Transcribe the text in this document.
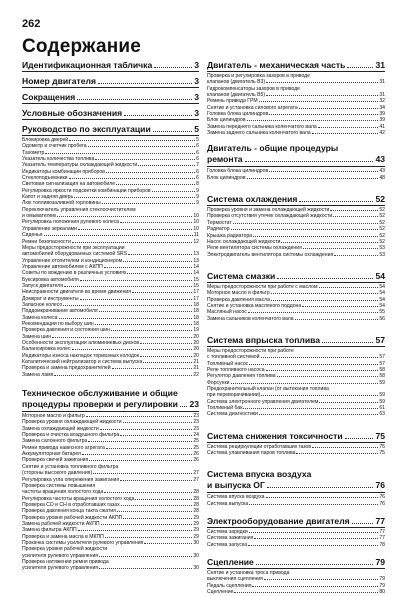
262
Содержание
Идентификационная табличка	3
Номер двигателя	3
Сокращения	3
Условные обозначения	3
Руководство по эксплуатации	5
Блокировка дверей	5
Одометр и счетчик пробега	6
Тахометр	6
Указатель количества топлива	6
Указатель температуры охлаждающей жидкости	7
Индикаторы комбинации приборов	6
Стеклоподъемники	6
Световая сигнализация на автомобиле	8
Регулировка яркости подсветки комбинации приборов	9
Капот и задняя дверь	9
Люк топливозаливной горловины	9
Переключатель управления стеклоочистителем
и омывателем	10
Регулировка положения рулевого колеса	10
Управление зеркалами	10
Сиденья	11
Ремни безопасности	12
Меры предосторожности при эксплуатации
автомобилей оборудованных системой SRS	13
Управление отопителем и кондиционером	13
Управление автомобилем с АКПП	14
Советы по вождению в различных условиях	14
Буксировка автомобиля	15
Запуск двигателя	15
Неисправности двигателя во время движения	17
Домкрат и инструменты	17
Запасное колесо	18
Поддомкрачивание автомобиля	18
Замена колеса	18
Рекомендации по выбору шин	18
Проверка давления и состояния шин	19
Замена шин	20
Особенности эксплуатации алюминиевых дисков	20
Балансировка колес	20
Индикаторы износа накладок тормозных колодок	20
Каталитический нейтрализатор и система выпуска	21
Проверка и замена предохранителей	21
Замена ламп	22
Техническое обслуживание и общие
процедуры проверки и регулировки 23
Моторное масло и фильтр	23
Проверка уровня охлаждающей жидкости	23
Замена охлаждающей жидкости	23
Проверка и очистка воздушного фильтра	24
Замена салонного фильтра	25
Ремни привода навесного агрегата	25
Аккумуляторная батарея	26
Проверка свечей зажигания	26
Снятие и установка топливного фильтра
(стороны высокого давления)	27
Регулировка угла опережения зажигания	27
Проверка системы повышения
частоты вращения холостого хода	28
Регулировка частоты вращения холостого хода	28
Проверка СО и СН в отработавших газах	28
Проверка давления конца такта сжатия	28
Проверка уровня рабочей жидкости АКПП	29
Замена рабочей жидкости АКПП	29
Замена фильтра АКПП	29
Проверка и замена масла в МКПП	29
Прокачка системы усилителя рулевого управления	30
Проверка уровня рабочей жидкости
усилителя рулевого управления	30
Проверка натяжения ремня привода
усилителя рулевого управления	30
Двигатель - механическая часть	31
Проверка и регулировка зазоров в приводе
клапанов (двигатель В3)	31
Гидрокомпенсаторы зазоров в приводе
клапанов (двигатель В5)	31
Ремень привода ГРМ	32
Снятие и установка силового агрегата	34
Головка блока цилиндров	39
Блок цилиндров	39
Замена переднего сальника коленчатого вала	41
Замена заднего сальника коленчатого вала	42
Двигатель - общие процедуры
ремонта	43
Головка блока цилиндров	43
Блок цилиндров	48
Система охлаждения	52
Проверка уровня и замена охлаждающей жидкости	52
Проверка отсутствия утечек охлаждающей жидкости	52
Термостат	52
Радиатор	52
Крышка радиатора	52
Насос охлаждающей жидкости	52
Реле вентилятора системы охлаждения	53
Электродвигатель вентилятора системы охлаждения	53
Система смазки	54
Меры предосторожности при работе с маслом	54
Моторное масло и фильтр	54
Проверка давления масла	54
Снятие и установка масляного поддона	54
Масляный насос	55
Замена сальников коленчатого вала	56
Система впрыска топлива	57
Меры предосторожности при работе
с топливной системой	57
Топливный насос	57
Реле топливного насоса	58
Регулятор давления топлива	58
Форсунки	59
Предохранительный клапан (от вытекания топлива
при переворачивании)	59
Система электронного управления двигателем	59
Топливный бак	61
Система диагностики	63
Система снижения токсичности	75
Система рециркуляции отработавших газов	75
Система улавливания паров топлива	75
Система впуска воздуха
и выпуска ОГ	76
Система впуска воздуха	76
Система выпуска	76
Электрооборудование двигателя	77
Система зарядки	77
Система зажигания	77
Система запуска	78
Сцепление	79
Снятие и установка троса привода
выключения сцепления	79
Педаль сцепления	79
Сцепление	80
